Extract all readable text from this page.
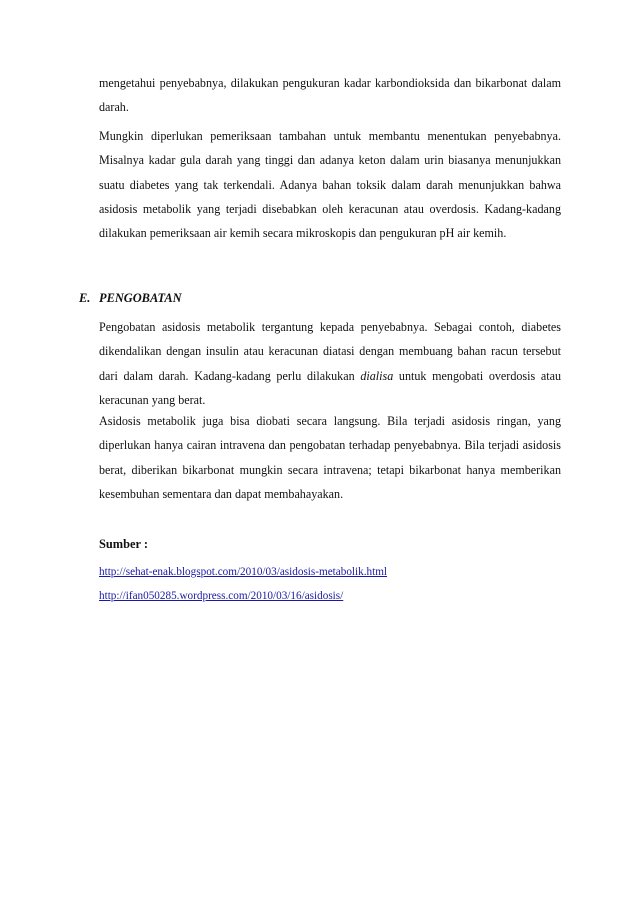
mengetahui penyebabnya, dilakukan pengukuran kadar karbondioksida dan bikarbonat dalam darah.

Mungkin diperlukan pemeriksaan tambahan untuk membantu menentukan penyebabnya. Misalnya kadar gula darah yang tinggi dan adanya keton dalam urin biasanya menunjukkan suatu diabetes yang tak terkendali. Adanya bahan toksik dalam darah menunjukkan bahwa asidosis metabolik yang terjadi disebabkan oleh keracunan atau overdosis. Kadang-kadang dilakukan pemeriksaan air kemih secara mikroskopis dan pengukuran pH air kemih.

E. PENGOBATAN

Pengobatan asidosis metabolik tergantung kepada penyebabnya. Sebagai contoh, diabetes dikendalikan dengan insulin atau keracunan diatasi dengan membuang bahan racun tersebut dari dalam darah. Kadang-kadang perlu dilakukan dialisa untuk mengobati overdosis atau keracunan yang berat.

Asidosis metabolik juga bisa diobati secara langsung. Bila terjadi asidosis ringan, yang diperlukan hanya cairan intravena dan pengobatan terhadap penyebabnya. Bila terjadi asidosis berat, diberikan bikarbonat mungkin secara intravena; tetapi bikarbonat hanya memberikan kesembuhan sementara dan dapat membahayakan.

Sumber :
http://sehat-enak.blogspot.com/2010/03/asidosis-metabolik.html
http://ifan050285.wordpress.com/2010/03/16/asidosis/
